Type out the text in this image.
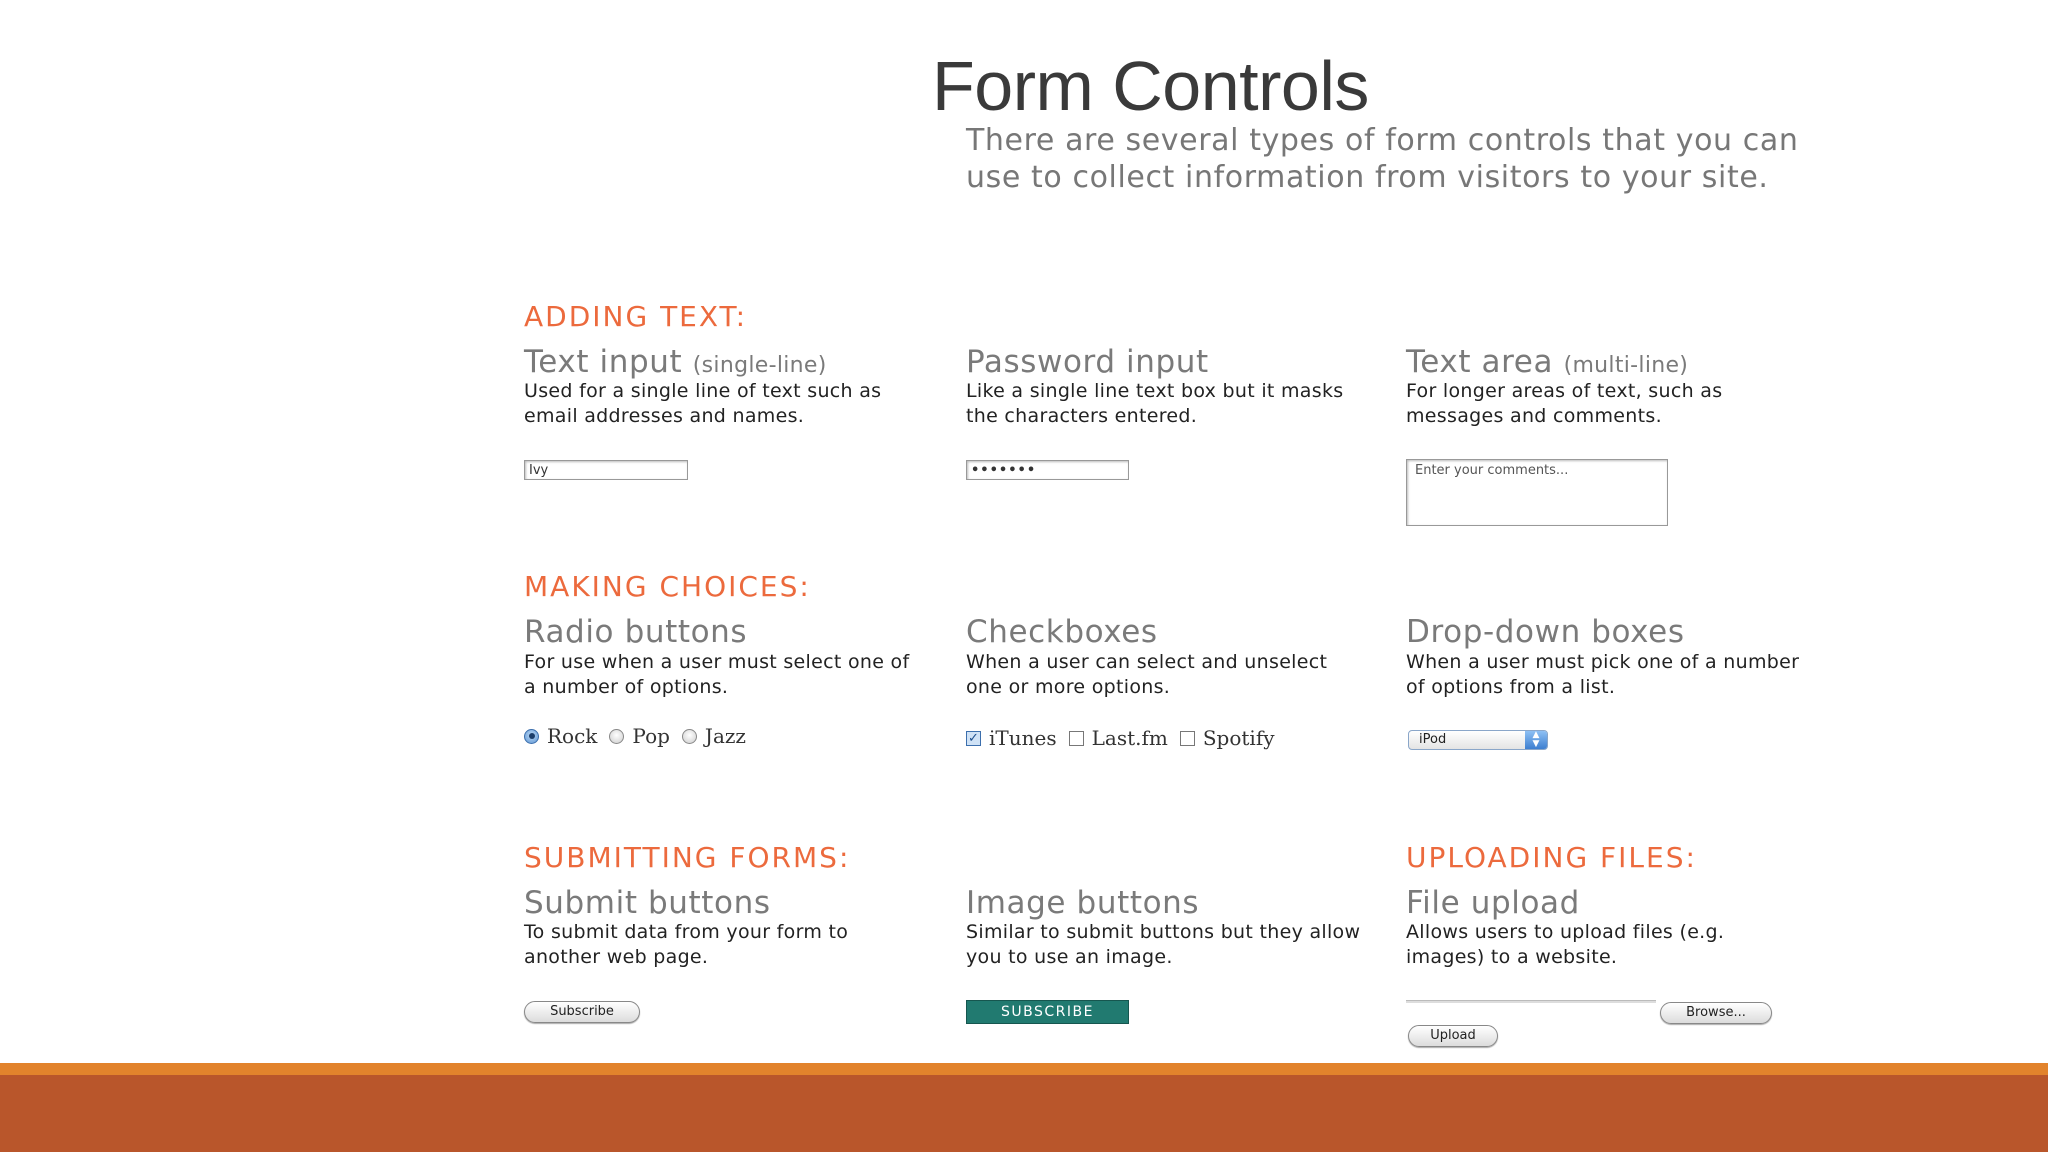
Form Controls
There are several types of form controls that you can use to collect information from visitors to your site.
ADDING TEXT:
Text input (single-line)
Used for a single line of text such as email addresses and names.
Ivy
Password input
Like a single line text box but it masks the characters entered.
•••••••
Text area (multi-line)
For longer areas of text, such as messages and comments.
Enter your comments...
MAKING CHOICES:
Radio buttons
For use when a user must select one of a number of options.
Rock Pop Jazz
Checkboxes
When a user can select and unselect one or more options.
✓ iTunes Last.fm Spotify
Drop-down boxes
When a user must pick one of a number of options from a list.
iPod	▲
▼
SUBMITTING FORMS:
Submit buttons
To submit data from your form to another web page.
Subscribe
Image buttons
Similar to submit buttons but they allow you to use an image.
SUBSCRIBE
UPLOADING FILES:
File upload
Allows users to upload files (e.g. images) to a website.
Browse...
Upload
